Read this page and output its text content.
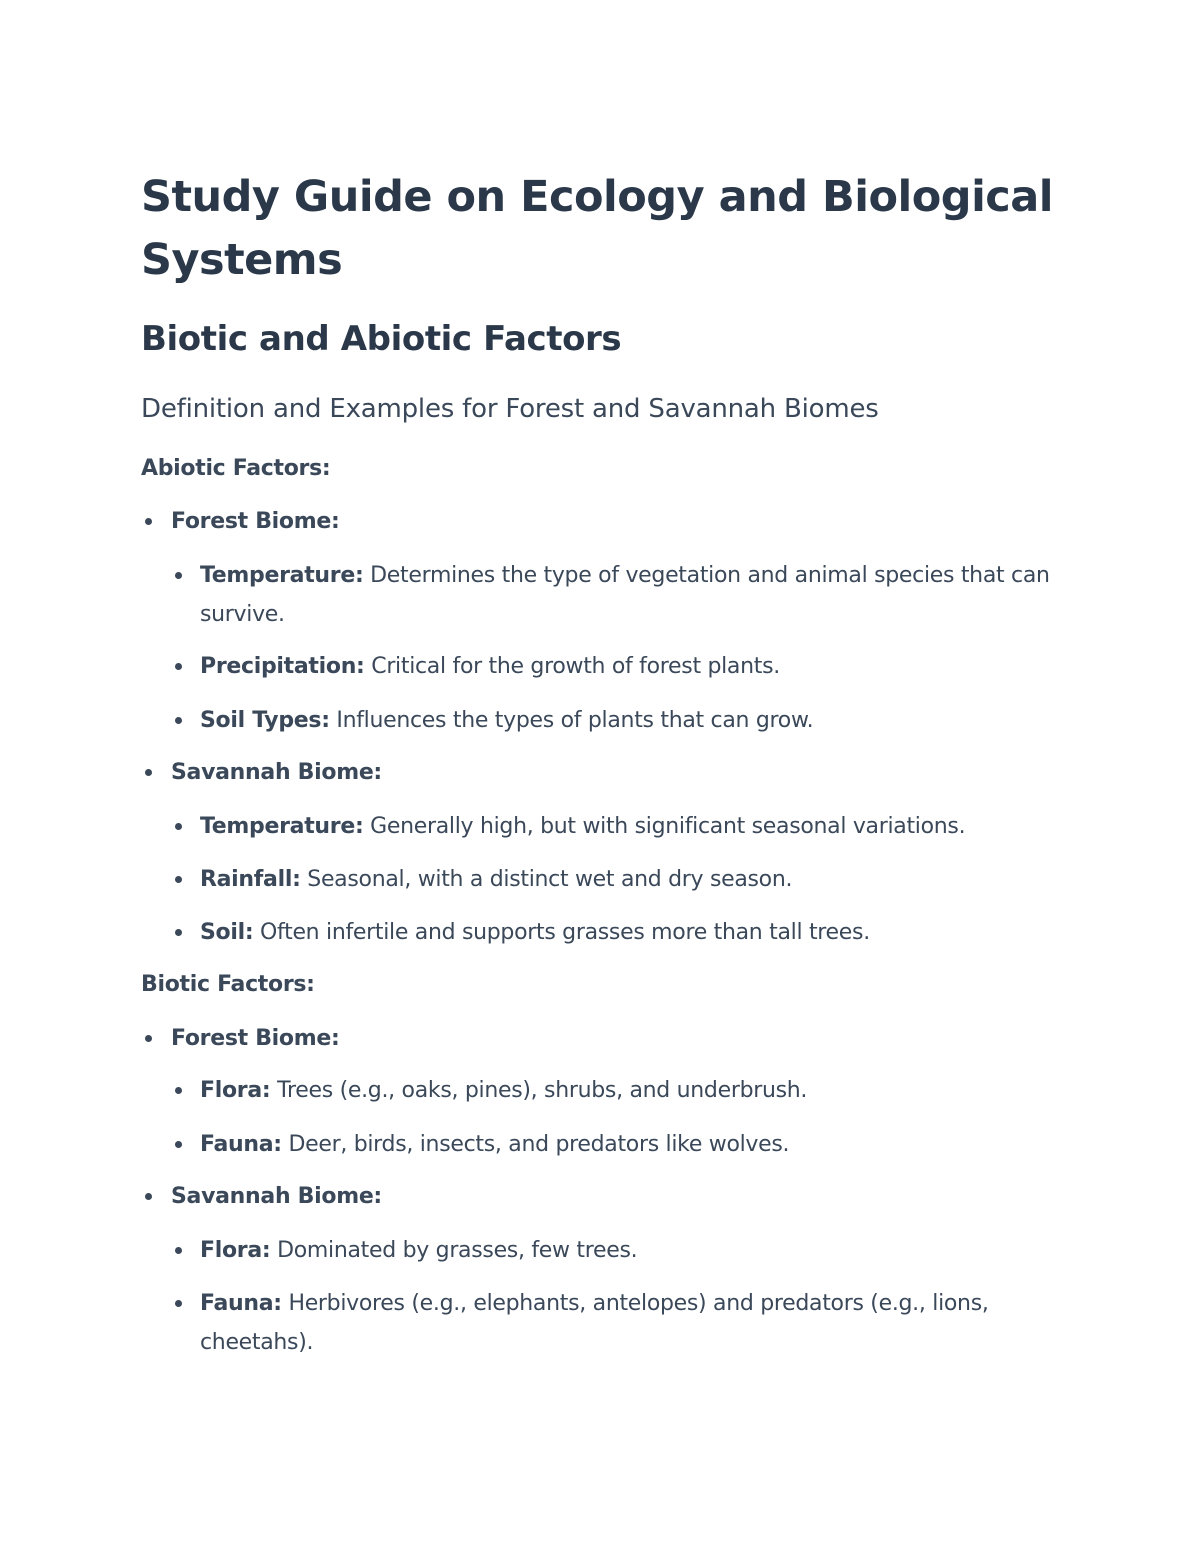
Study Guide on Ecology and Biological Systems
Biotic and Abiotic Factors
Definition and Examples for Forest and Savannah Biomes

Abiotic Factors:

Forest Biome:

Temperature: Determines the type of vegetation and animal species that can survive.

Precipitation: Critical for the growth of forest plants.

Soil Types: Influences the types of plants that can grow.

Savannah Biome:

Temperature: Generally high, but with significant seasonal variations.

Rainfall: Seasonal, with a distinct wet and dry season.

Soil: Often infertile and supports grasses more than tall trees.

Biotic Factors:

Forest Biome:

Flora: Trees (e.g., oaks, pines), shrubs, and underbrush.

Fauna: Deer, birds, insects, and predators like wolves.

Savannah Biome:

Flora: Dominated by grasses, few trees.

Fauna: Herbivores (e.g., elephants, antelopes) and predators (e.g., lions, cheetahs).
